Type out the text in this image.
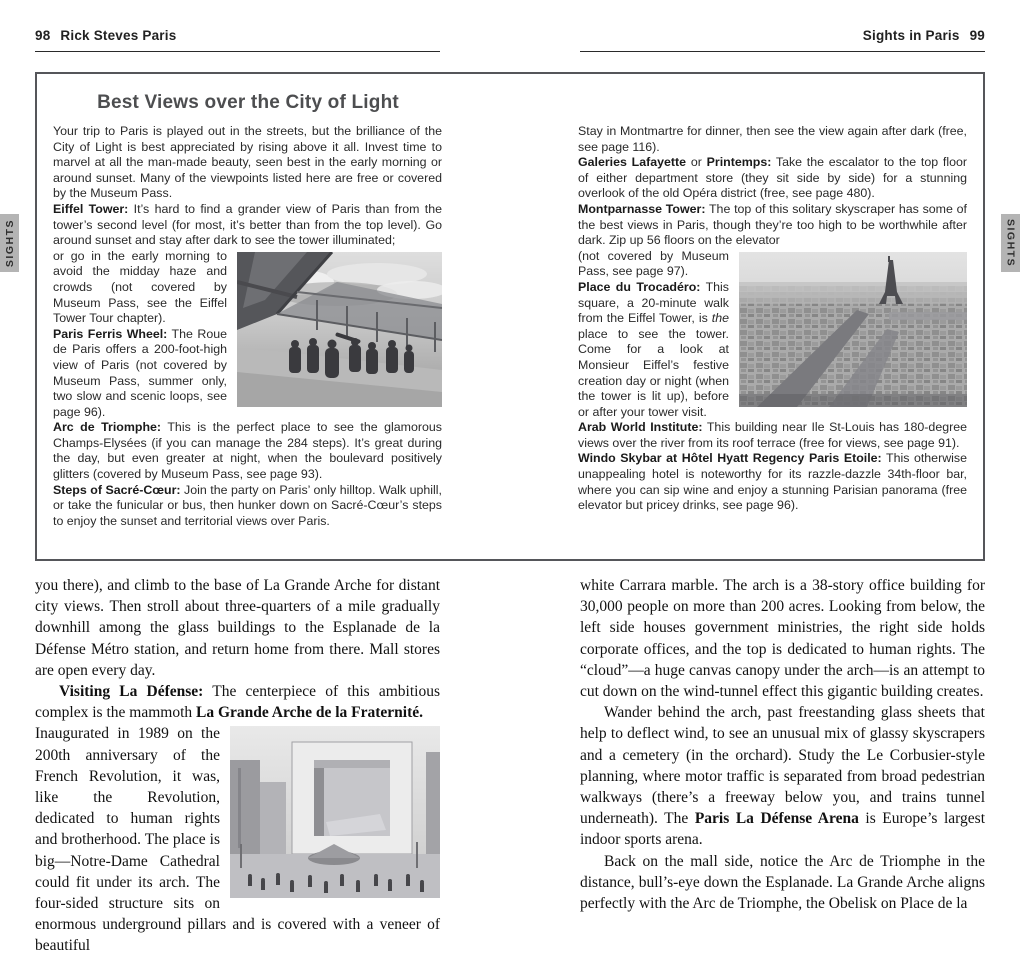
98 Rick Steves Paris	Sights in Paris 99
SIGHTS	SIGHTS
Best Views over the City of Light

Your trip to Paris is played out in the streets, but the brilliance of the City of Light is best appreciated by rising above it all. Invest time to marvel at all the man-made beauty, seen best in the early morning or around sunset. Many of the viewpoints listed here are free or covered by the Museum Pass.

Eiffel Tower: It’s hard to find a grander view of Paris than from the tower’s second level (for most, it’s better than from the top level). Go around sunset and stay after dark to see the tower illuminated;

or go in the early morning to avoid the midday haze and crowds (not covered by Museum Pass, see the Eiffel Tower Tour chapter).

Paris Ferris Wheel: The Roue de Paris offers a 200-foot-high view of Paris (not covered by Museum Pass, summer only, two slow and scenic loops, see page 96).

Arc de Triomphe: This is the perfect place to see the glamorous Champs-Elysées (if you can manage the 284 steps). It’s great during the day, but even greater at night, when the boulevard positively glitters (covered by Museum Pass, see page 93).

Steps of Sacré-Cœur: Join the party on Paris’ only hilltop. Walk uphill, or take the funicular or bus, then hunker down on Sacré-Cœur’s steps to enjoy the sunset and territorial views over Paris.

Stay in Montmartre for dinner, then see the view again after dark (free, see page 116).

Galeries Lafayette or Printemps: Take the escalator to the top floor of either department store (they sit side by side) for a stunning overlook of the old Opéra district (free, see page 480).

Montparnasse Tower: The top of this solitary skyscraper has some of the best views in Paris, though they’re too high to be worthwhile after dark. Zip up 56 floors on the elevator

(not covered by Museum Pass, see page 97).

Place du Trocadéro: This square, a 20-minute walk from the Eiffel Tower, is the place to see the tower. Come for a look at Monsieur Eiffel’s festive creation day or night (when the tower is lit up), before or after your tower visit.

Arab World Institute: This building near Ile St-Louis has 180-degree views over the river from its roof terrace (free for views, see page 91).

Windo Skybar at Hôtel Hyatt Regency Paris Etoile: This otherwise unappealing hotel is noteworthy for its razzle-dazzle 34th-floor bar, where you can sip wine and enjoy a stunning Parisian panorama (free elevator but pricey drinks, see page 96).

you there), and climb to the base of La Grande Arche for distant city views. Then stroll about three-quarters of a mile gradually downhill among the glass buildings to the Esplanade de la Défense Métro station, and return home from there. Mall stores are open every day.

Visiting La Défense: The centerpiece of this ambitious complex is the mammoth La Grande Arche de la Fraternité.

Inaugurated in 1989 on the 200th anniversary of the French Revolution, it was, like the Revolution, dedicated to human rights and brotherhood. The place is big—Notre-Dame Cathedral could fit under its arch. The four-sided structure sits on enormous underground pillars and is covered with a veneer of beautiful

white Carrara marble. The arch is a 38-story office building for 30,000 people on more than 200 acres. Looking from below, the left side houses government ministries, the right side holds corporate offices, and the top is dedicated to human rights. The “cloud”—a huge canvas canopy under the arch—is an attempt to cut down on the wind-tunnel effect this gigantic building creates.

Wander behind the arch, past freestanding glass sheets that help to deflect wind, to see an unusual mix of glassy skyscrapers and a cemetery (in the orchard). Study the Le Corbusier-style planning, where motor traffic is separated from broad pedestrian walkways (there’s a freeway below you, and trains tunnel underneath). The Paris La Défense Arena is Europe’s largest indoor sports arena.

Back on the mall side, notice the Arc de Triomphe in the distance, bull’s-eye down the Esplanade. La Grande Arche aligns perfectly with the Arc de Triomphe, the Obelisk on Place de la
